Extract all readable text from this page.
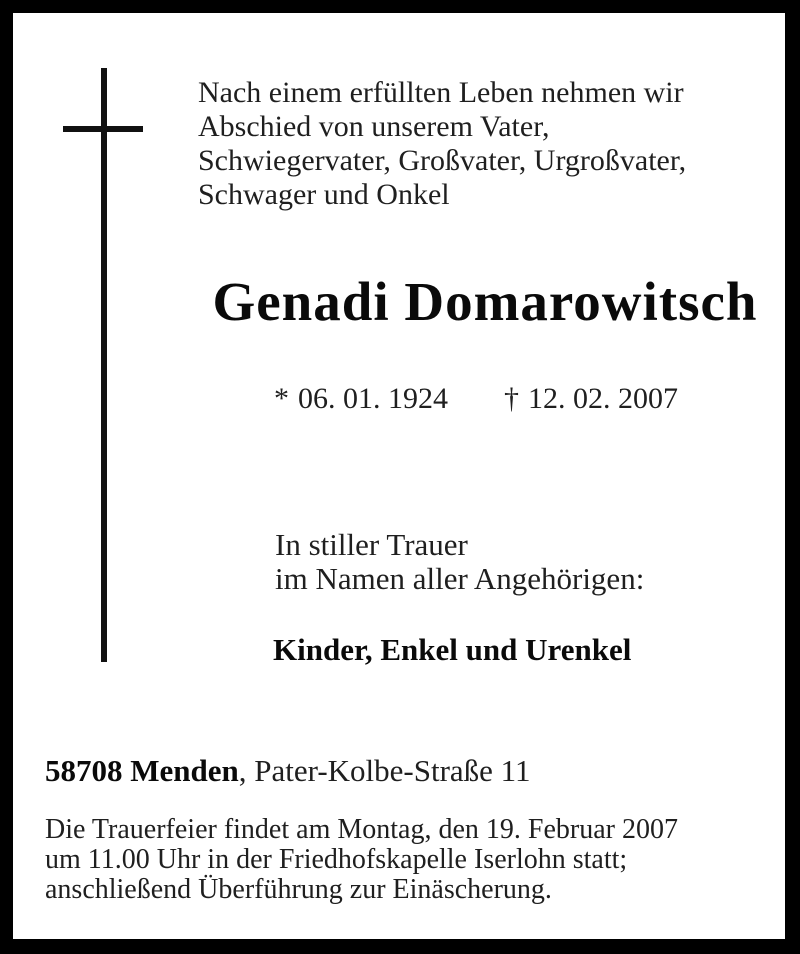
Nach einem erfüllten Leben nehmen wir
Abschied von unserem Vater,
Schwiegervater, Großvater, Urgroßvater,
Schwager und Onkel
Genadi Domarowitsch
* 06. 01. 1924 † 12. 02. 2007
In stiller Trauer
im Namen aller Angehörigen:
Kinder, Enkel und Urenkel
58708 Menden, Pater-Kolbe-Straße 11
Die Trauerfeier findet am Montag, den 19. Februar 2007
um 11.00 Uhr in der Friedhofskapelle Iserlohn statt;
anschließend Überführung zur Einäscherung.
